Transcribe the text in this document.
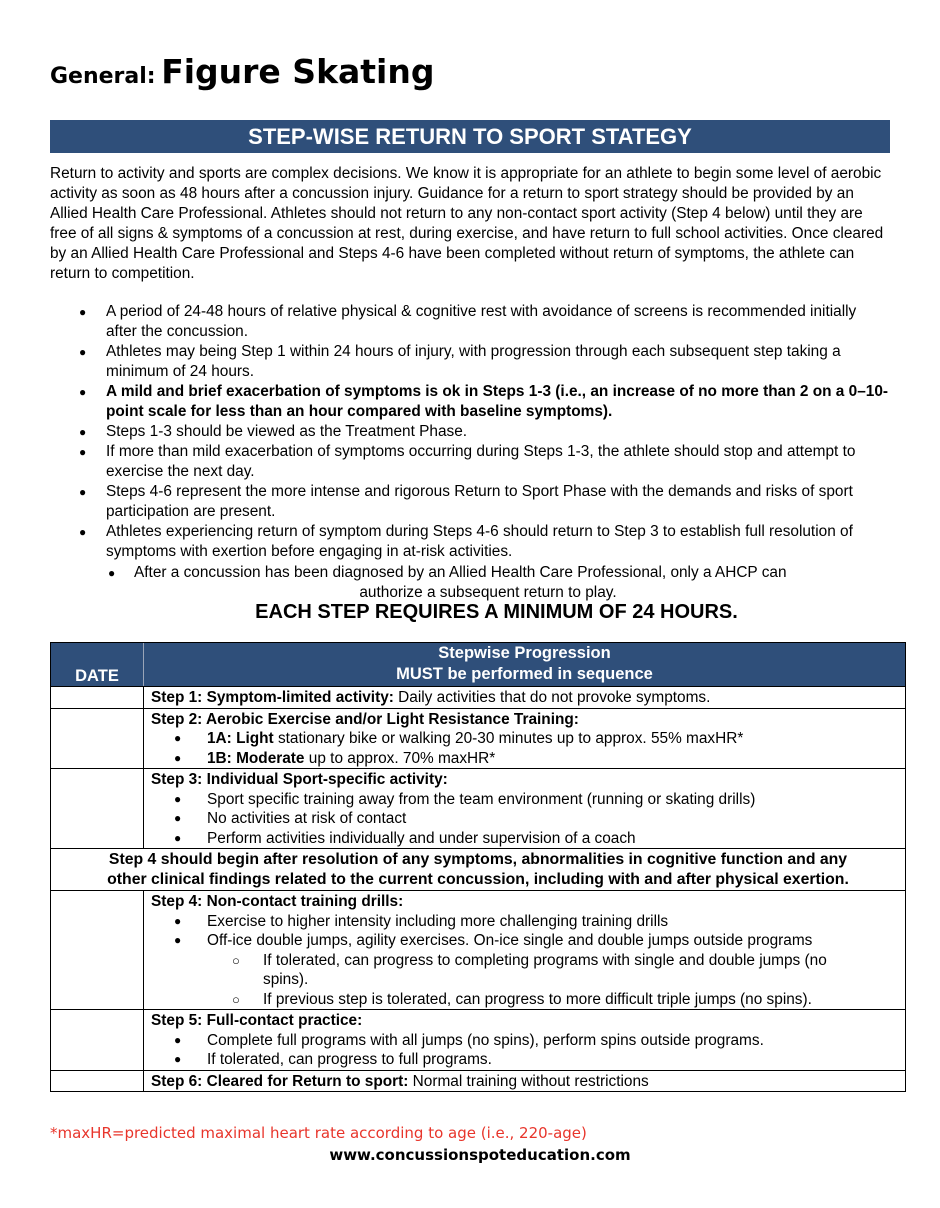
General: Figure Skating
STEP-WISE RETURN TO SPORT STATEGY

Return to activity and sports are complex decisions. We know it is appropriate for an athlete to begin some level of aerobic activity as soon as 48 hours after a concussion injury. Guidance for a return to sport strategy should be provided by an Allied Health Care Professional. Athletes should not return to any non-contact sport activity (Step 4 below) until they are free of all signs & symptoms of a concussion at rest, during exercise, and have return to full school activities. Once cleared by an Allied Health Care Professional and Steps 4-6 have been completed without return of symptoms, the athlete can return to competition.

● A period of 24-48 hours of relative physical & cognitive rest with avoidance of screens is recommended initially after the concussion.
● Athletes may being Step 1 within 24 hours of injury, with progression through each subsequent step taking a minimum of 24 hours.
● A mild and brief exacerbation of symptoms is ok in Steps 1-3 (i.e., an increase of no more than 2 on a 0–10-point scale for less than an hour compared with baseline symptoms).
● Steps 1-3 should be viewed as the Treatment Phase.
● If more than mild exacerbation of symptoms occurring during Steps 1-3, the athlete should stop and attempt to exercise the next day.
● Steps 4-6 represent the more intense and rigorous Return to Sport Phase with the demands and risks of sport participation are present.
● Athletes experiencing return of symptom during Steps 4-6 should return to Step 3 to establish full resolution of symptoms with exertion before engaging in at-risk activities.
● After a concussion has been diagnosed by an Allied Health Care Professional, only a AHCP can
authorize a subsequent return to play.
EACH STEP REQUIRES A MINIMUM OF 24 HOURS.
DATE
Stepwise Progression
MUST be performed in sequence
Step 1: Symptom-limited activity: Daily activities that do not provoke symptoms.
Step 2: Aerobic Exercise and/or Light Resistance Training:
● 1A: Light stationary bike or walking 20-30 minutes up to approx. 55% maxHR*
● 1B: Moderate up to approx. 70% maxHR*
Step 3: Individual Sport-specific activity:
● Sport specific training away from the team environment (running or skating drills)
● No activities at risk of contact
● Perform activities individually and under supervision of a coach
Step 4 should begin after resolution of any symptoms, abnormalities in cognitive function and any
other clinical findings related to the current concussion, including with and after physical exertion.
Step 4: Non-contact training drills:
● Exercise to higher intensity including more challenging training drills
● Off-ice double jumps, agility exercises. On-ice single and double jumps outside programs
○ If tolerated, can progress to completing programs with single and double jumps (no
spins).
○ If previous step is tolerated, can progress to more difficult triple jumps (no spins).
Step 5: Full-contact practice:
● Complete full programs with all jumps (no spins), perform spins outside programs.
● If tolerated, can progress to full programs.
Step 6: Cleared for Return to sport: Normal training without restrictions
*maxHR=predicted maximal heart rate according to age (i.e., 220-age)
www.concussionspoteducation.com
